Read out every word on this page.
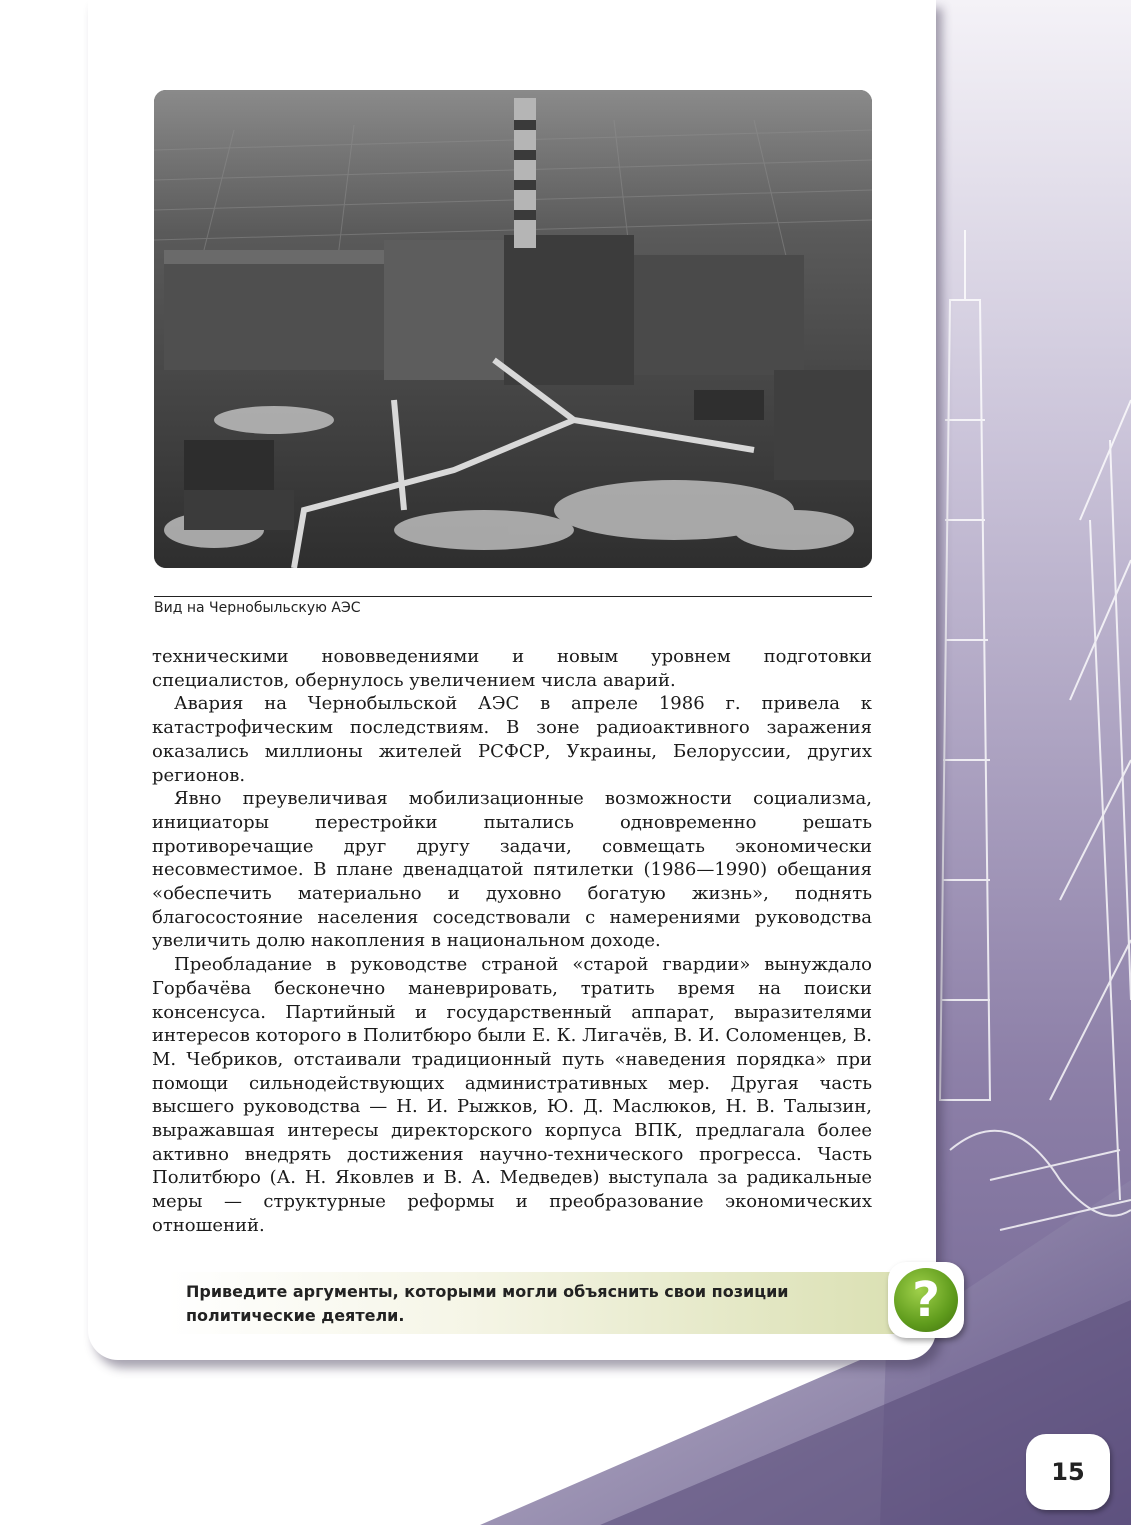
Вид на Чернобыльскую АЭС

техническими нововведениями и новым уровнем подготовки специалистов, обернулось увеличением числа аварий.

Авария на Чернобыльской АЭС в апреле 1986 г. привела к катастрофическим последствиям. В зоне радиоактивного заражения оказались миллионы жителей РСФСР, Украины, Белоруссии, других регионов.

Явно преувеличивая мобилизационные возможности социализма, инициаторы перестройки пытались одновременно решать противоречащие друг другу задачи, совмещать экономически несовместимое. В плане двенадцатой пятилетки (1986—1990) обещания «обеспечить материально и духовно богатую жизнь», поднять благосостояние населения соседствовали с намерениями руководства увеличить долю накопления в национальном доходе.

Преобладание в руководстве страной «старой гвардии» вынуждало Горбачёва бесконечно маневрировать, тратить время на поиски консенсуса. Партийный и государственный аппарат, выразителями интересов которого в Политбюро были Е. К. Лигачёв, В. И. Соломенцев, В. М. Чебриков, отстаивали традиционный путь «наведения порядка» при помощи сильнодействующих административных мер. Другая часть высшего руководства — Н. И. Рыжков, Ю. Д. Маслюков, Н. В. Талызин, выражавшая интересы директорского корпуса ВПК, предлагала более активно внедрять достижения научно-технического прогресса. Часть Политбюро (А. Н. Яковлев и В. А. Медведев) выступала за радикальные меры — структурные реформы и преобразование экономических отношений.

Приведите аргументы, которыми могли объяснить свои позиции политические деятели.	?
15
